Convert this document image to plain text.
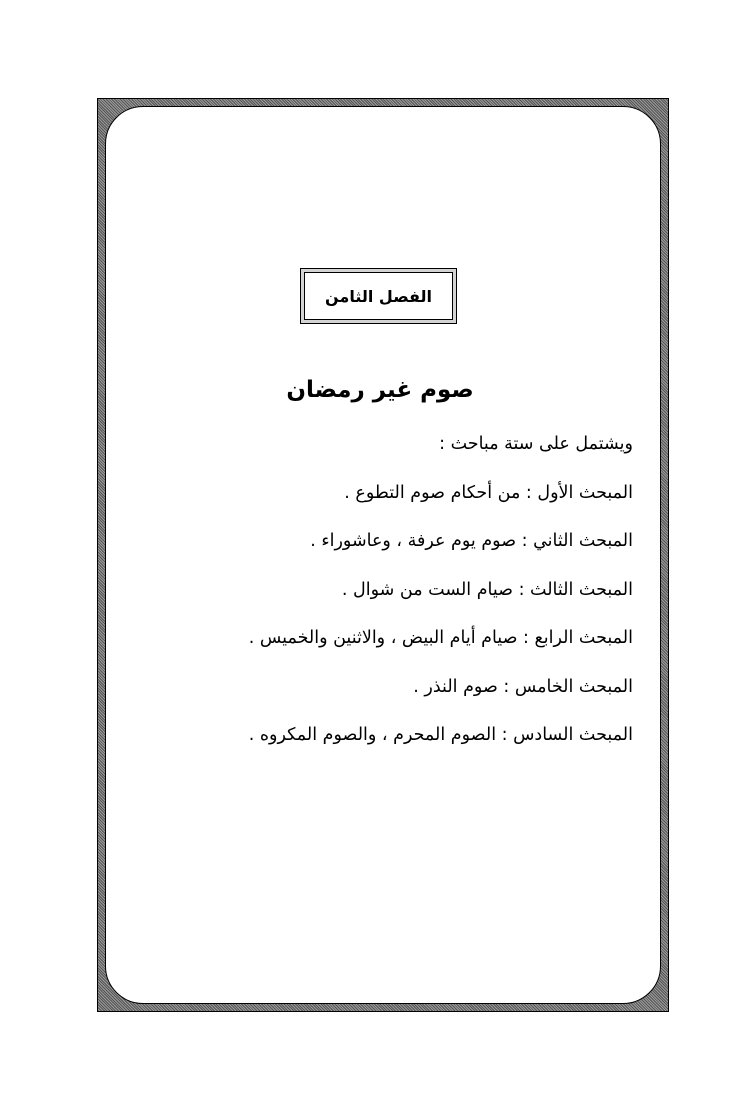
الفصل الثامن
صوم غير رمضان
ويشتمل على ستة مباحث :
المبحث الأول : من أحكام صوم التطوع .
المبحث الثاني : صوم يوم عرفة ، وعاشوراء .
المبحث الثالث : صيام الست من شوال .
المبحث الرابع : صيام أيام البيض ، والاثنين والخميس .
المبحث الخامس : صوم النذر .
المبحث السادس : الصوم المحرم ، والصوم المكروه .
